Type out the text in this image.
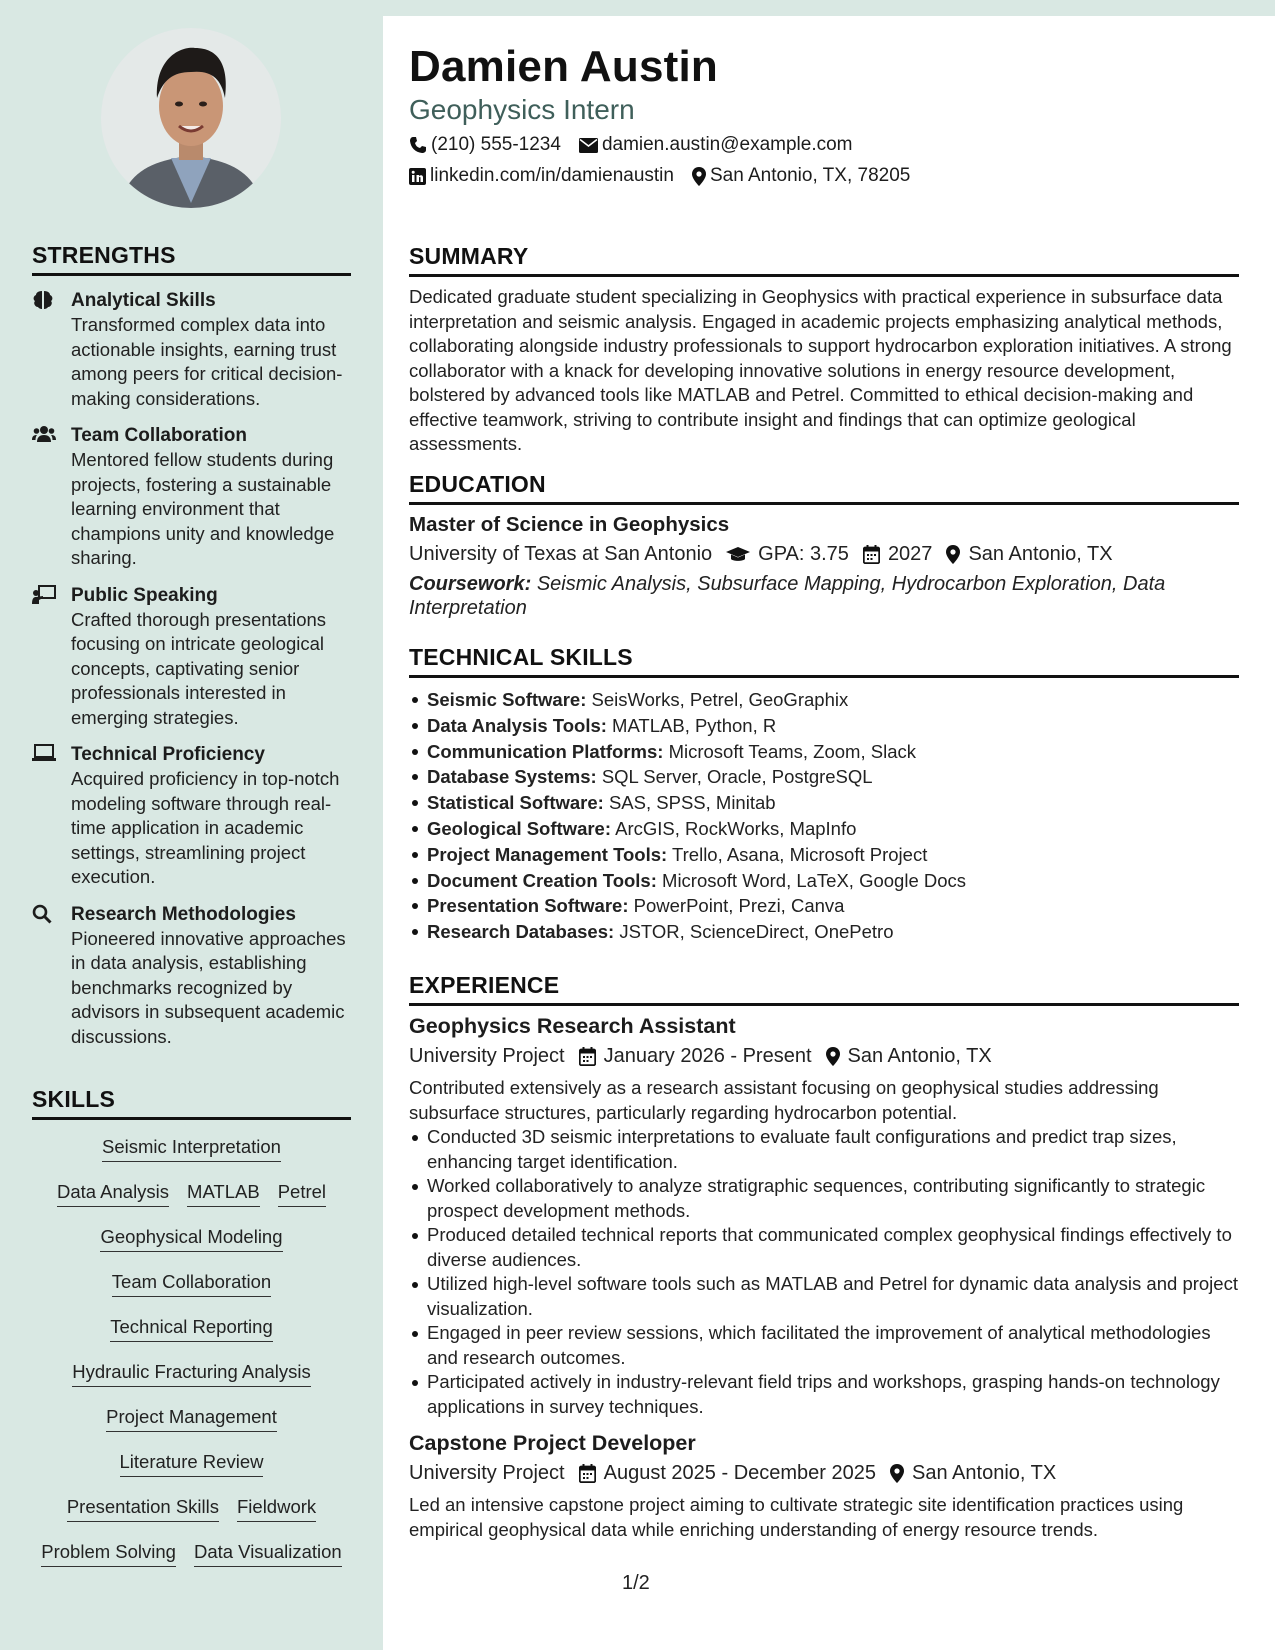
STRENGTHS
Analytical Skills
Transformed complex data into actionable insights, earning trust among peers for critical decision-making considerations.
Team Collaboration
Mentored fellow students during projects, fostering a sustainable learning environment that champions unity and knowledge sharing.
Public Speaking
Crafted thorough presentations focusing on intricate geological concepts, captivating senior professionals interested in emerging strategies.
Technical Proficiency
Acquired proficiency in top-notch modeling software through real-time application in academic settings, streamlining project execution.
Research Methodologies
Pioneered innovative approaches in data analysis, establishing benchmarks recognized by advisors in subsequent academic discussions.
SKILLS
Seismic Interpretation
Data Analysis MATLAB Petrel
Geophysical Modeling
Team Collaboration
Technical Reporting
Hydraulic Fracturing Analysis
Project Management
Literature Review
Presentation Skills Fieldwork
Problem Solving Data Visualization
Damien Austin
Geophysics Intern
(210) 555-1234 damien.austin@example.com
linkedin.com/in/damienaustin San Antonio, TX, 78205
SUMMARY
Dedicated graduate student specializing in Geophysics with practical experience in subsurface data interpretation and seismic analysis. Engaged in academic projects emphasizing analytical methods, collaborating alongside industry professionals to support hydrocarbon exploration initiatives. A strong collaborator with a knack for developing innovative solutions in energy resource development, bolstered by advanced tools like MATLAB and Petrel. Committed to ethical decision-making and effective teamwork, striving to contribute insight and findings that can optimize geological assessments.
EDUCATION
Master of Science in Geophysics
University of Texas at San Antonio GPA: 3.75 2027 San Antonio, TX
Coursework: Seismic Analysis, Subsurface Mapping, Hydrocarbon Exploration, Data Interpretation
TECHNICAL SKILLS
Seismic Software: SeisWorks, Petrel, GeoGraphix
Data Analysis Tools: MATLAB, Python, R
Communication Platforms: Microsoft Teams, Zoom, Slack
Database Systems: SQL Server, Oracle, PostgreSQL
Statistical Software: SAS, SPSS, Minitab
Geological Software: ArcGIS, RockWorks, MapInfo
Project Management Tools: Trello, Asana, Microsoft Project
Document Creation Tools: Microsoft Word, LaTeX, Google Docs
Presentation Software: PowerPoint, Prezi, Canva
Research Databases: JSTOR, ScienceDirect, OnePetro
EXPERIENCE
Geophysics Research Assistant
University Project January 2026 - Present San Antonio, TX
Contributed extensively as a research assistant focusing on geophysical studies addressing subsurface structures, particularly regarding hydrocarbon potential.
Conducted 3D seismic interpretations to evaluate fault configurations and predict trap sizes, enhancing target identification.
Worked collaboratively to analyze stratigraphic sequences, contributing significantly to strategic prospect development methods.
Produced detailed technical reports that communicated complex geophysical findings effectively to diverse audiences.
Utilized high-level software tools such as MATLAB and Petrel for dynamic data analysis and project visualization.
Engaged in peer review sessions, which facilitated the improvement of analytical methodologies and research outcomes.
Participated actively in industry-relevant field trips and workshops, grasping hands-on technology applications in survey techniques.
Capstone Project Developer
University Project August 2025 - December 2025 San Antonio, TX
Led an intensive capstone project aiming to cultivate strategic site identification practices using empirical geophysical data while enriching understanding of energy resource trends.
1/2
